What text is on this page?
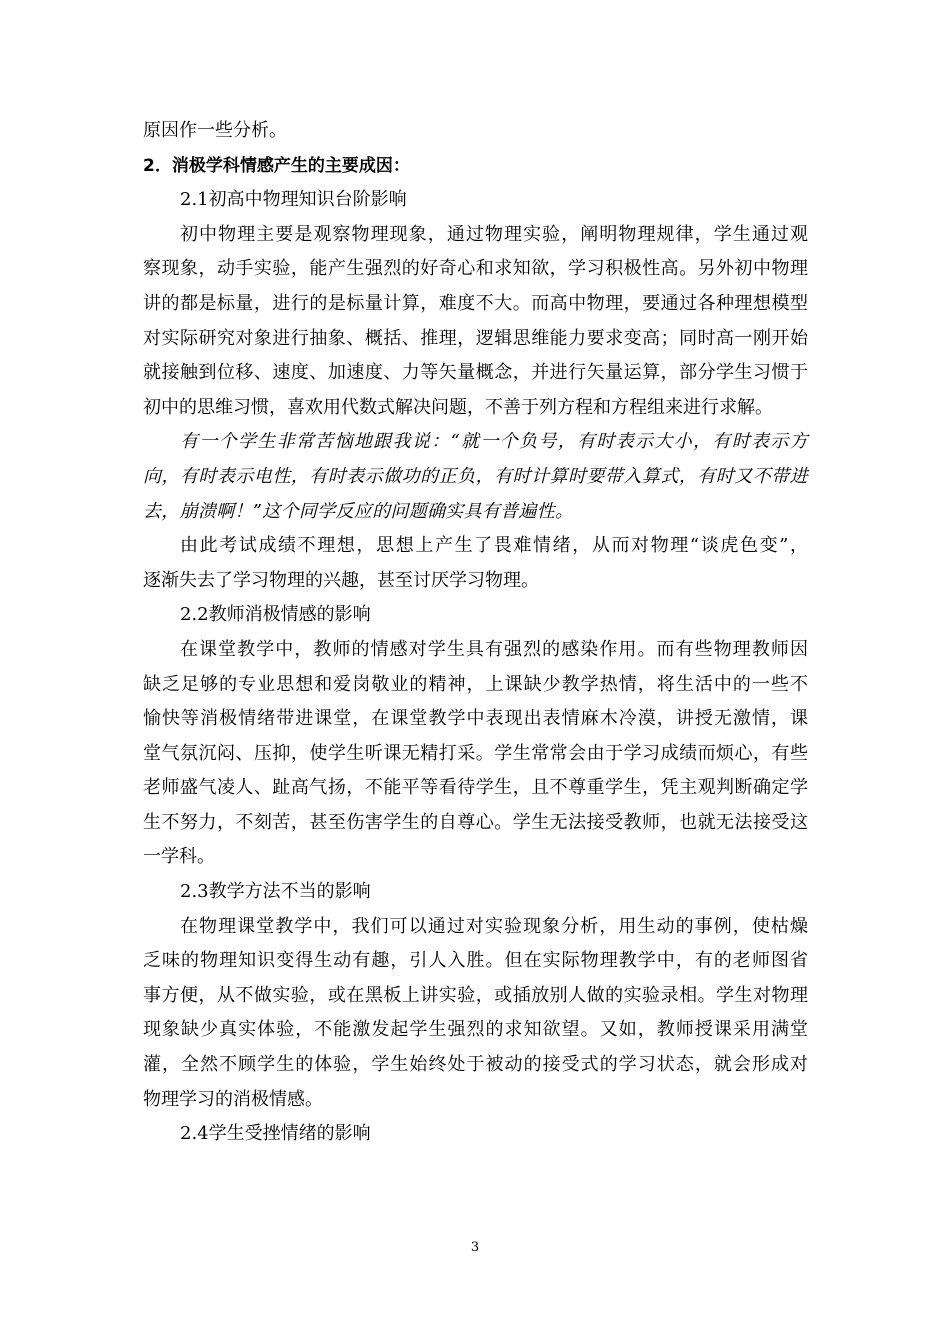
原因作一些分析。
2．消极学科情感产生的主要成因：
2.1初高中物理知识台阶影响
初中物理主要是观察物理现象，通过物理实验，阐明物理规律，学生通过观
察现象，动手实验，能产生强烈的好奇心和求知欲，学习积极性高。另外初中物理
讲的都是标量，进行的是标量计算，难度不大。而高中物理，要通过各种理想模型
对实际研究对象进行抽象、概括、推理，逻辑思维能力要求变高；同时高一刚开始
就接触到位移、速度、加速度、力等矢量概念，并进行矢量运算，部分学生习惯于
初中的思维习惯，喜欢用代数式解决问题，不善于列方程和方程组来进行求解。
有一个学生非常苦恼地跟我说：“就一个负号，有时表示大小，有时表示方
向，有时表示电性，有时表示做功的正负，有时计算时要带入算式，有时又不带进
去，崩溃啊！”这个同学反应的问题确实具有普遍性。
由此考试成绩不理想，思想上产生了畏难情绪，从而对物理“谈虎色变”，
逐渐失去了学习物理的兴趣，甚至讨厌学习物理。
2.2教师消极情感的影响
在课堂教学中，教师的情感对学生具有强烈的感染作用。而有些物理教师因
缺乏足够的专业思想和爱岗敬业的精神，上课缺少教学热情，将生活中的一些不
愉快等消极情绪带进课堂，在课堂教学中表现出表情麻木冷漠，讲授无激情，课
堂气氛沉闷、压抑，使学生听课无精打采。学生常常会由于学习成绩而烦心，有些
老师盛气凌人、趾高气扬，不能平等看待学生，且不尊重学生，凭主观判断确定学
生不努力，不刻苦，甚至伤害学生的自尊心。学生无法接受教师，也就无法接受这
一学科。
2.3教学方法不当的影响
在物理课堂教学中，我们可以通过对实验现象分析，用生动的事例，使枯燥
乏味的物理知识变得生动有趣，引人入胜。但在实际物理教学中，有的老师图省
事方便，从不做实验，或在黑板上讲实验，或插放别人做的实验录相。学生对物理
现象缺少真实体验，不能激发起学生强烈的求知欲望。又如，教师授课采用满堂
灌，全然不顾学生的体验，学生始终处于被动的接受式的学习状态，就会形成对
物理学习的消极情感。
2.4学生受挫情绪的影响
3
